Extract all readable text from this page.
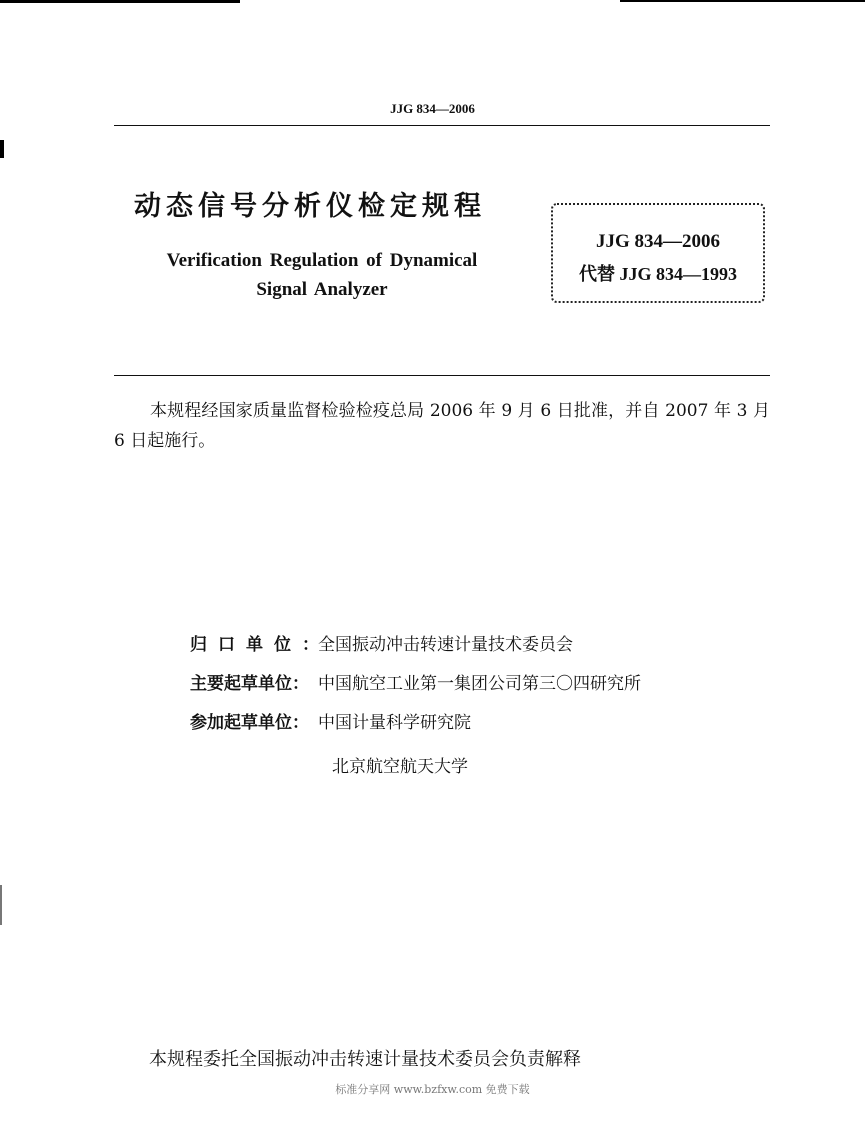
JJG 834—2006
动态信号分析仪检定规程
Verification Regulation of Dynamical
Signal Analyzer
JJG 834—2006
代替 JJG 834—1993
本规程经国家质量监督检验检疫总局 2006 年 9 月 6 日批准，并自 2007 年 3 月 6 日起施行。
归口单位：全国振动冲击转速计量技术委员会
主要起草单位： 中国航空工业第一集团公司第三〇四研究所
参加起草单位： 中国计量科学研究院
北京航空航天大学
本规程委托全国振动冲击转速计量技术委员会负责解释
标准分享网 www.bzfxw.com 免费下载
